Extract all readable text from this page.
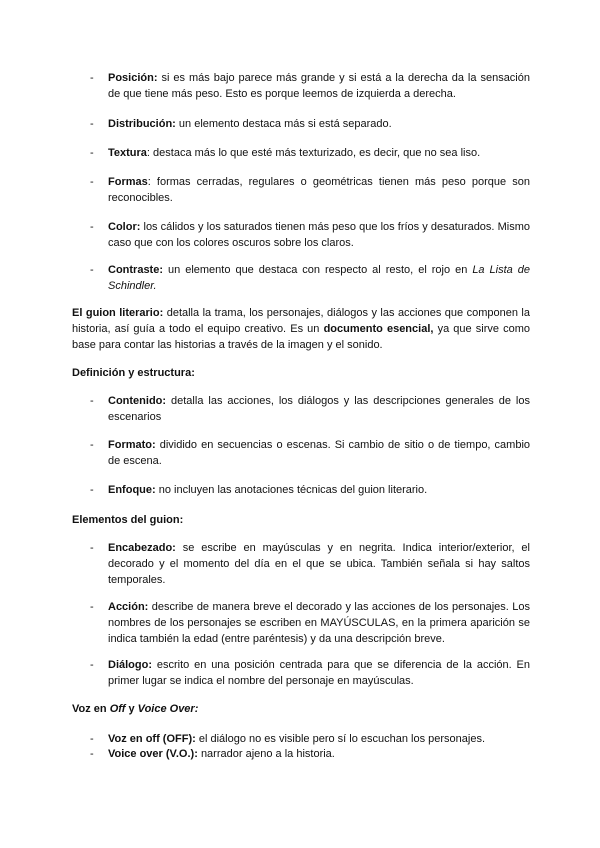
-	Posición: si es más bajo parece más grande y si está a la derecha da la sensación de que tiene más peso. Esto es porque leemos de izquierda a derecha.
-	Distribución: un elemento destaca más si está separado.
-	Textura: destaca más lo que esté más texturizado, es decir, que no sea liso.
-	Formas: formas cerradas, regulares o geométricas tienen más peso porque son reconocibles.
-	Color: los cálidos y los saturados tienen más peso que los fríos y desaturados. Mismo caso que con los colores oscuros sobre los claros.
-	Contraste: un elemento que destaca con respecto al resto, el rojo en La Lista de Schindler.
El guion literario: detalla la trama, los personajes, diálogos y las acciones que componen la historia, así guía a todo el equipo creativo. Es un documento esencial, ya que sirve como base para contar las historias a través de la imagen y el sonido.
Definición y estructura:
-	Contenido: detalla las acciones, los diálogos y las descripciones generales de los escenarios
-	Formato: dividido en secuencias o escenas. Si cambio de sitio o de tiempo, cambio de escena.
-	Enfoque: no incluyen las anotaciones técnicas del guion literario.
Elementos del guion:
-	Encabezado: se escribe en mayúsculas y en negrita. Indica interior/exterior, el decorado y el momento del día en el que se ubica. También señala si hay saltos temporales.
-	Acción: describe de manera breve el decorado y las acciones de los personajes. Los nombres de los personajes se escriben en MAYÚSCULAS, en la primera aparición se indica también la edad (entre paréntesis) y da una descripción breve.
-	Diálogo: escrito en una posición centrada para que se diferencia de la acción. En primer lugar se indica el nombre del personaje en mayúsculas.
Voz en Off y Voice Over:
-	Voz en off (OFF): el diálogo no es visible pero sí lo escuchan los personajes.
-	Voice over (V.O.): narrador ajeno a la historia.
